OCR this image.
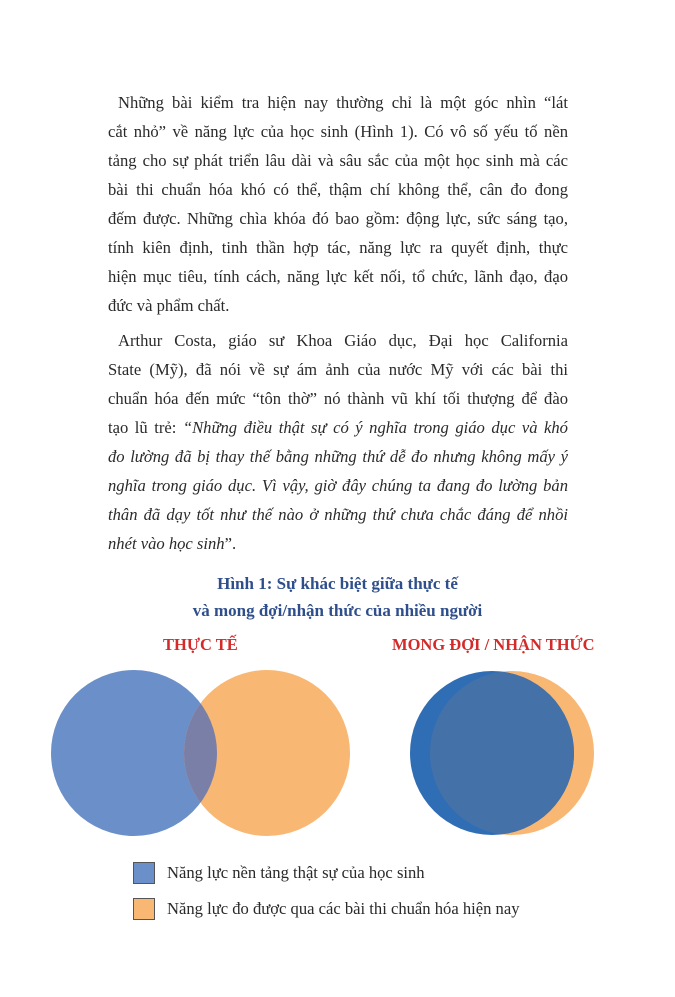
Những bài kiểm tra hiện nay thường chỉ là một góc nhìn “lát
cắt nhỏ” về năng lực của học sinh (Hình 1). Có vô số yếu tố nền
tảng cho sự phát triển lâu dài và sâu sắc của một học sinh mà các
bài thi chuẩn hóa khó có thể, thậm chí không thể, cân đo đong
đếm được. Những chìa khóa đó bao gồm: động lực, sức sáng tạo,
tính kiên định, tinh thần hợp tác, năng lực ra quyết định, thực
hiện mục tiêu, tính cách, năng lực kết nối, tổ chức, lãnh đạo, đạo
đức và phẩm chất.
Arthur Costa, giáo sư Khoa Giáo dục, Đại học California
State (Mỹ), đã nói về sự ám ảnh của nước Mỹ với các bài thi
chuẩn hóa đến mức “tôn thờ” nó thành vũ khí tối thượng để đào
tạo lũ trẻ: “Những điều thật sự có ý nghĩa trong giáo dục và khó
đo lường đã bị thay thế bằng những thứ dễ đo nhưng không mấy ý
nghĩa trong giáo dục. Vì vậy, giờ đây chúng ta đang đo lường bản
thân đã dạy tốt như thế nào ở những thứ chưa chắc đáng để nhồi
nhét vào học sinh”.
Hình 1: Sự khác biệt giữa thực tế
và mong đợi/nhận thức của nhiều người
THỰC TẾ	MONG ĐỢI / NHẬN THỨC
Năng lực nền tảng thật sự của học sinh
Năng lực đo được qua các bài thi chuẩn hóa hiện nay
